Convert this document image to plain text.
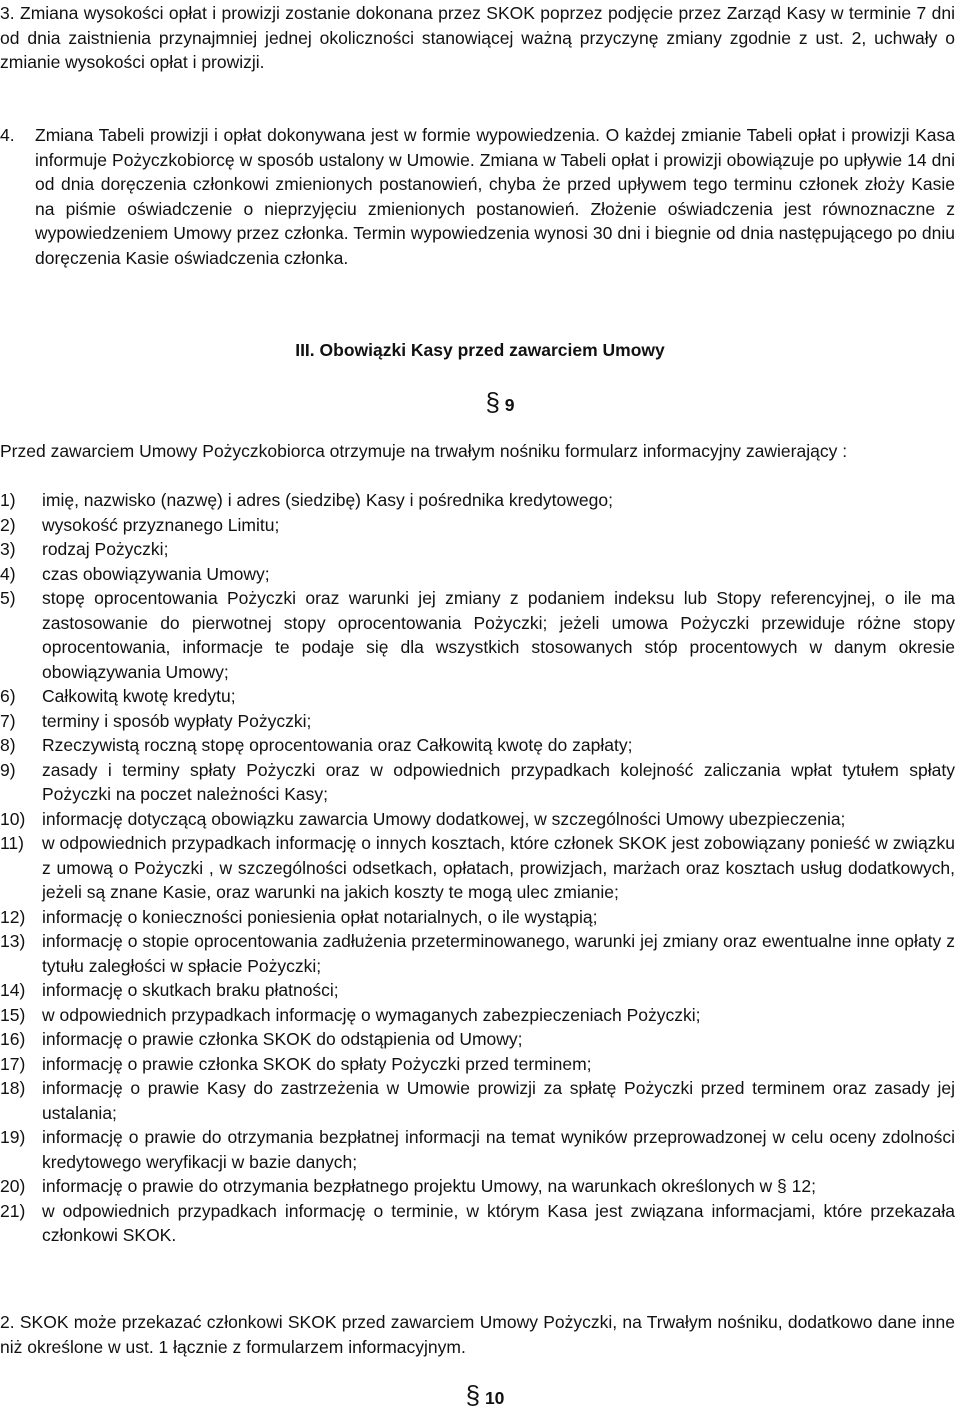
3. Zmiana wysokości opłat i prowizji zostanie dokonana przez SKOK poprzez podjęcie przez Zarząd Kasy w terminie 7 dni od dnia zaistnienia przynajmniej jednej okoliczności stanowiącej ważną przyczynę zmiany zgodnie z ust. 2, uchwały o zmianie wysokości opłat i prowizji.
4. Zmiana Tabeli prowizji i opłat dokonywana jest w formie wypowiedzenia. O każdej zmianie Tabeli opłat i prowizji Kasa informuje Pożyczkobiorcę w sposób ustalony w Umowie. Zmiana w Tabeli opłat i prowizji obowiązuje po upływie 14 dni od dnia doręczenia członkowi zmienionych postanowień, chyba że przed upływem tego terminu członek złoży Kasie na piśmie oświadczenie o nieprzyjęciu zmienionych postanowień. Złożenie oświadczenia jest równoznaczne z wypowiedzeniem Umowy przez członka. Termin wypowiedzenia wynosi 30 dni i biegnie od dnia następującego po dniu doręczenia Kasie oświadczenia członka.
III. Obowiązki Kasy przed zawarciem Umowy
§ 9
Przed zawarciem Umowy Pożyczkobiorca otrzymuje na trwałym nośniku formularz informacyjny zawierający :
1)	imię, nazwisko (nazwę) i adres (siedzibę) Kasy i pośrednika kredytowego;
2)	wysokość przyznanego Limitu;
3)	rodzaj Pożyczki;
4)	czas obowiązywania Umowy;
5)	stopę oprocentowania Pożyczki oraz warunki jej zmiany z podaniem indeksu lub Stopy referencyjnej, o ile ma zastosowanie do pierwotnej stopy oprocentowania Pożyczki; jeżeli umowa Pożyczki przewiduje różne stopy oprocentowania, informacje te podaje się dla wszystkich stosowanych stóp procentowych w danym okresie obowiązywania Umowy;
6)	Całkowitą kwotę kredytu;
7)	terminy i sposób wypłaty Pożyczki;
8)	Rzeczywistą roczną stopę oprocentowania oraz Całkowitą kwotę do zapłaty;
9)	zasady i terminy spłaty Pożyczki oraz w odpowiednich przypadkach kolejność zaliczania wpłat tytułem spłaty Pożyczki na poczet należności Kasy;
10) informację dotyczącą obowiązku zawarcia Umowy dodatkowej, w szczególności Umowy ubezpieczenia;
11)	w odpowiednich przypadkach informację o innych kosztach, które członek SKOK jest zobowiązany ponieść w związku z umową o Pożyczki , w szczególności odsetkach, opłatach, prowizjach, marżach oraz kosztach usług dodatkowych, jeżeli są znane Kasie, oraz warunki na jakich koszty te mogą ulec zmianie;
12) informację o konieczności poniesienia opłat notarialnych, o ile wystąpią;
13) informację o stopie oprocentowania zadłużenia przeterminowanego, warunki jej zmiany oraz ewentualne inne opłaty z tytułu zaległości w spłacie Pożyczki;
14) informację o skutkach braku płatności;
15) w odpowiednich przypadkach informację o wymaganych zabezpieczeniach Pożyczki;
16) informację o prawie członka SKOK do odstąpienia od Umowy;
17) informację o prawie członka SKOK do spłaty Pożyczki przed terminem;
18) informację o prawie Kasy do zastrzeżenia w Umowie prowizji za spłatę Pożyczki przed terminem oraz zasady jej ustalania;
19) informację o prawie do otrzymania bezpłatnej informacji na temat wyników przeprowadzonej w celu oceny zdolności kredytowego weryfikacji w bazie danych;
20) informację o prawie do otrzymania bezpłatnego projektu Umowy, na warunkach określonych w § 12;
21) w odpowiednich przypadkach informację o terminie, w którym Kasa jest związana informacjami, które przekazała członkowi SKOK.
2. SKOK może przekazać członkowi SKOK przed zawarciem Umowy Pożyczki, na Trwałym nośniku, dodatkowo dane inne niż określone w ust. 1 łącznie z formularzem informacyjnym.
§ 10
